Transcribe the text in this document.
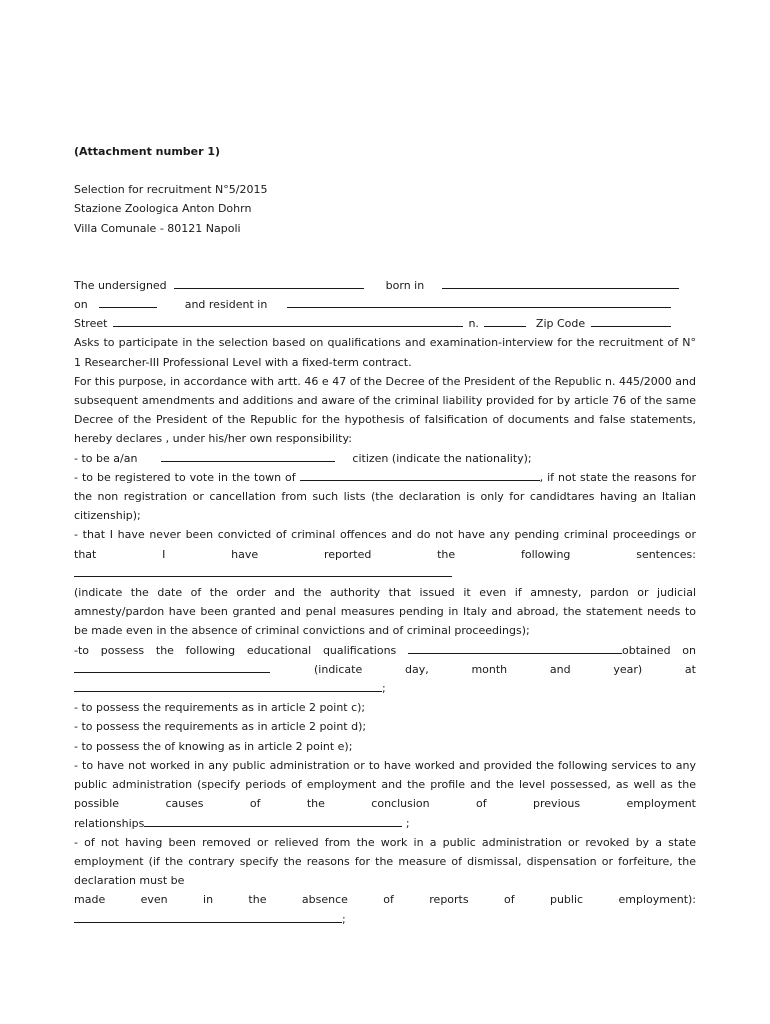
(Attachment number 1)

Selection for recruitment N°5/2015

Stazione Zoologica Anton Dohrn

Villa Comunale - 80121 Napoli

The undersigned	born in

on	and resident in

Street	n.	Zip Code

Asks to participate in the selection based on qualifications and examination-interview for the recruitment of N° 1 Researcher-III Professional Level with a fixed-term contract.

For this purpose, in accordance with artt. 46 e 47 of the Decree of the President of the Republic n. 445/2000 and subsequent amendments and additions and aware of the criminal liability provided for by article 76 of the same Decree of the President of the Republic for the hypothesis of falsification of documents and false statements, hereby declares , under his/her own responsibility:

- to be a/an	citizen (indicate the nationality);

- to be registered to vote in the town of	, if not state the reasons for the non registration or cancellation from such lists (the declaration is only for candidtares having an Italian citizenship);

- that I have never been convicted of criminal offences and do not have any pending criminal proceedings or that I have reported the following sentences:

(indicate the date of the order and the authority that issued it even if amnesty, pardon or judicial amnesty/pardon have been granted and penal measures pending in Italy and abroad, the statement needs to be made even in the absence of criminal convictions and of criminal proceedings);

-to possess the following educational qualifications	obtained on

(indicate day, month and year) at

;

- to possess the requirements as in article 2 point c);

- to possess the requirements as in article 2 point d);

- to possess the of knowing as in article 2 point e);

- to have not worked in any public administration or to have worked and provided the following services to any public administration (specify periods of employment and the profile and the level possessed, as well as the possible causes of the conclusion of previous employment

relationships	;

- of not having been removed or relieved from the work in a public administration or revoked by a state employment (if the contrary specify the reasons for the measure of dismissal, dispensation or forfeiture, the declaration must be

made even in the absence of reports of public employment):

;
